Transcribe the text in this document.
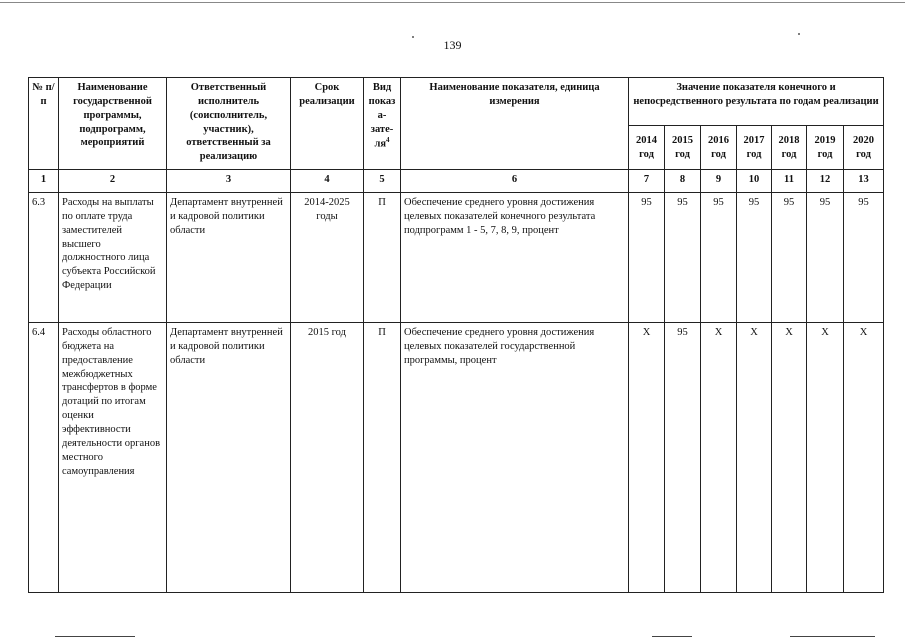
139
№ п/п	Наименование государственной программы, подпрограмм, мероприятий	Ответственный исполнитель (соисполнитель, участник), ответственный за реализацию	Срок реализации	Вид показа-$зате-ля^4$	Наименование показателя, единица измерения	Значение показателя конечного и непосредственного результата по годам реализации						
						2014 год	2015 год	2016 год	2017 год	2018 год	2019 год	2020 год
1	2	3	4	5	6	7	8	9	10	11	12	13
6.3	Расходы на выплаты по оплате труда заместителей высшего должностного лица субъекта Российской Федерации	Департамент внутренней и кадровой политики области	2014-2025 годы	П	Обеспечение среднего уровня достижения целевых показателей конечного результата подпрограмм 1 - 5, 7, 8, 9, процент	95	95	95	95	95	95	95
6.4	Расходы областного бюджета на предоставление межбюджетных трансфертов в форме дотаций по итогам оценки эффективности деятельности органов местного самоуправления	Департамент внутренней и кадровой политики области	2015 год	П	Обеспечение среднего уровня достижения целевых показателей государственной программы, процент	Х	95	Х	Х	Х	Х	Х
